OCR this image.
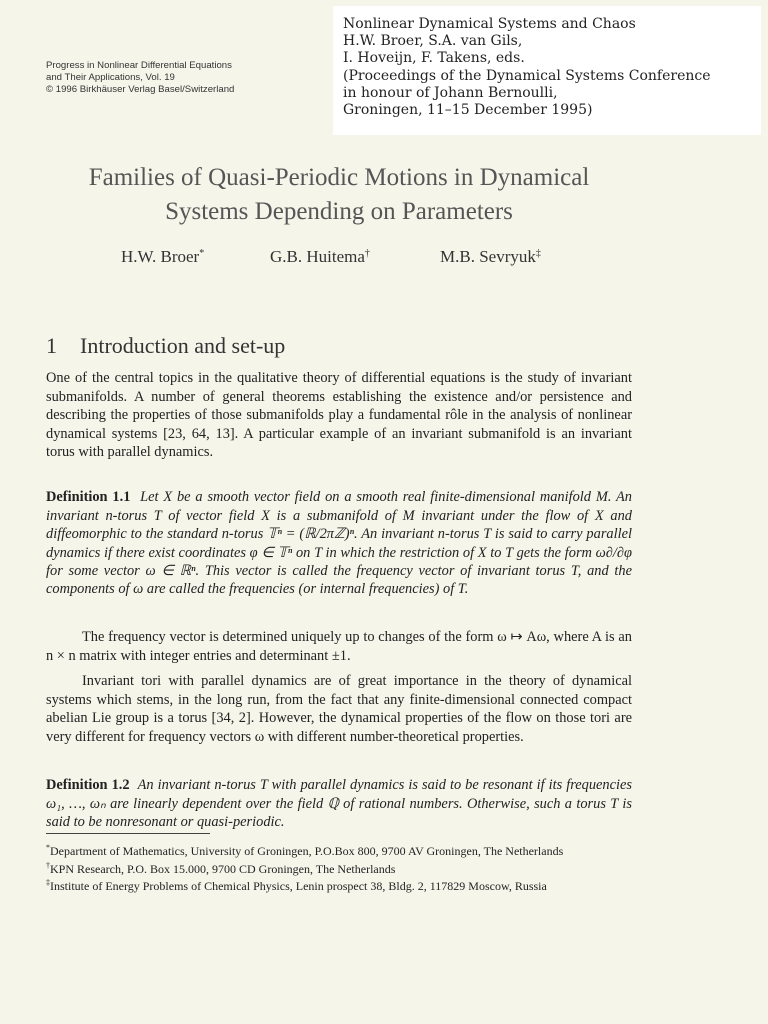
Progress in Nonlinear Differential Equations
and Their Applications, Vol. 19
© 1996 Birkhäuser Verlag Basel/Switzerland
Nonlinear Dynamical Systems and Chaos
H.W. Broer, S.A. van Gils,
I. Hoveijn, F. Takens, eds.
(Proceedings of the Dynamical Systems Conference
in honour of Johann Bernoulli,
Groningen, 11–15 December 1995)
Families of Quasi-Periodic Motions in Dynamical
Systems Depending on Parameters
H.W. Broer*	G.B. Huitema†	M.B. Sevryuk‡
1 Introduction and set-up

One of the central topics in the qualitative theory of differential equations is the study of invariant submanifolds. A number of general theorems establishing the existence and/or persistence and describing the properties of those submanifolds play a fundamental rôle in the analysis of nonlinear dynamical systems [23, 64, 13]. A particular example of an invariant submanifold is an invariant torus with parallel dynamics.

Definition 1.1 Let X be a smooth vector field on a smooth real finite-dimensional manifold M. An invariant n-torus T of vector field X is a submanifold of M invariant under the flow of X and diffeomorphic to the standard n-torus 𝕋ⁿ = (ℝ/2πℤ)ⁿ. An invariant n-torus T is said to carry parallel dynamics if there exist coordinates φ ∈ 𝕋ⁿ on T in which the restriction of X to T gets the form ω∂/∂φ for some vector ω ∈ ℝⁿ. This vector is called the frequency vector of invariant torus T, and the components of ω are called the frequencies (or internal frequencies) of T.

The frequency vector is determined uniquely up to changes of the form ω ↦ Aω, where A is an n × n matrix with integer entries and determinant ±1.

Invariant tori with parallel dynamics are of great importance in the theory of dynamical systems which stems, in the long run, from the fact that any finite-dimensional connected compact abelian Lie group is a torus [34, 2]. However, the dynamical properties of the flow on those tori are very different for frequency vectors ω with different number-theoretical properties.

Definition 1.2 An invariant n-torus T with parallel dynamics is said to be resonant if its frequencies ω₁, …, ωₙ are linearly dependent over the field ℚ of rational numbers. Otherwise, such a torus T is said to be nonresonant or quasi-periodic.

*Department of Mathematics, University of Groningen, P.O.Box 800, 9700 AV Groningen, The Netherlands

†KPN Research, P.O. Box 15.000, 9700 CD Groningen, The Netherlands

‡Institute of Energy Problems of Chemical Physics, Lenin prospect 38, Bldg. 2, 117829 Moscow, Russia
